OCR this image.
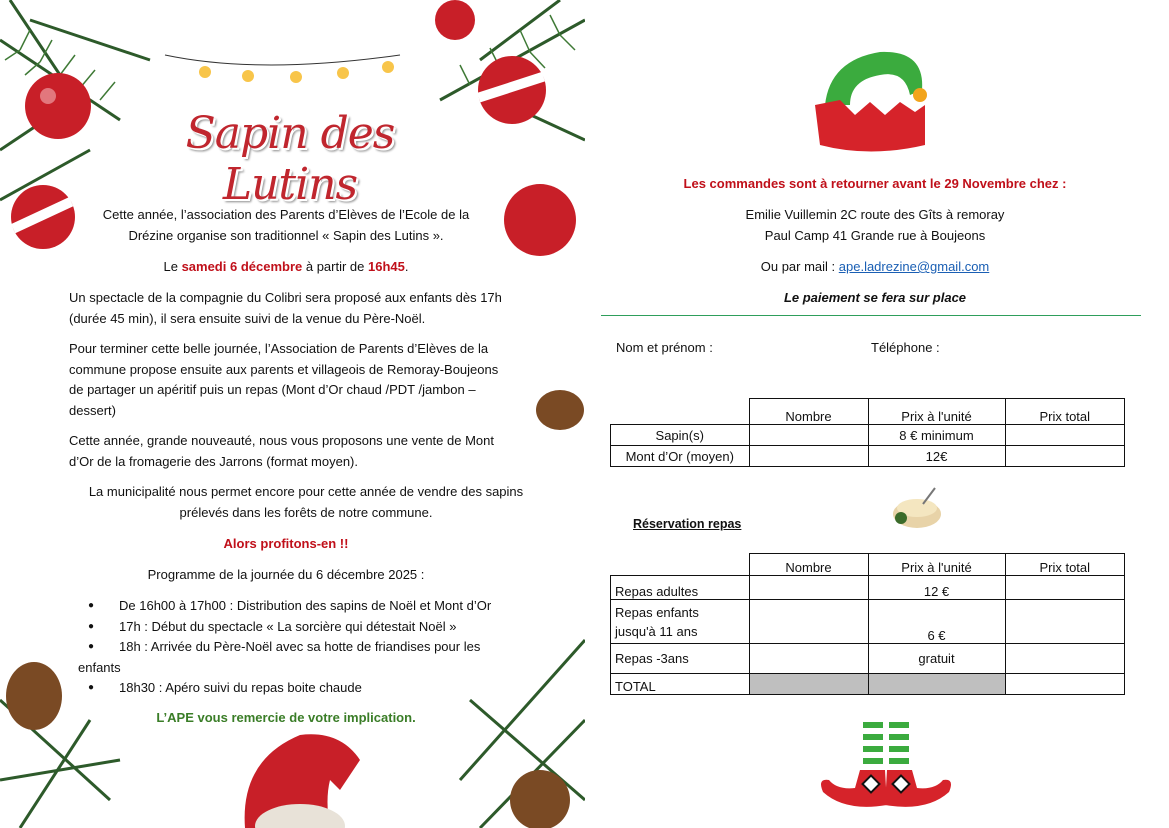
Sapin des Lutins
Cette année, l’association des Parents d’Elèves de l’Ecole de la
Drézine organise son traditionnel « Sapin des Lutins ».
Le samedi 6 décembre à partir de 16h45.
Un spectacle de la compagnie du Colibri sera proposé aux enfants dès 17h
(durée 45 min), il sera ensuite suivi de la venue du Père-Noël.
Pour terminer cette belle journée, l’Association de Parents d’Elèves de la
commune propose ensuite aux parents et villageois de Remoray-Boujeons
de partager un apéritif puis un repas (Mont d’Or chaud /PDT /jambon –
dessert)
Cette année, grande nouveauté, nous vous proposons une vente de Mont
d’Or de la fromagerie des Jarrons (format moyen).
La municipalité nous permet encore pour cette année de vendre des sapins
prélevés dans les forêts de notre commune.
Alors profitons-en !!
Programme de la journée du 6 décembre 2025 :
● De 16h00 à 17h00 : Distribution des sapins de Noël et Mont d’Or
● 17h : Début du spectacle « La sorcière qui détestait Noël »
● 18h : Arrivée du Père-Noël avec sa hotte de friandises pour les
enfants
● 18h30 : Apéro suivi du repas boite chaude
L’APE vous remercie de votre implication.
Les commandes sont à retourner avant le 29 Novembre chez :
Emilie Vuillemin 2C route des Gîts à remoray
Paul Camp 41 Grande rue à Boujeons
Ou par mail : ape.ladrezine@gmail.com
Le paiement se fera sur place
Nom et prénom :	Téléphone :
	Nombre	Prix à l'unité	Prix total
Sapin(s)		8 € minimum	
Mont d’Or (moyen)		12€	
Réservation repas
	Nombre	Prix à l'unité	Prix total
Repas adultes		12 €	
Repas enfants
jusqu'à 11 ans		6 €	
Repas -3ans		gratuit	
TOTAL			
